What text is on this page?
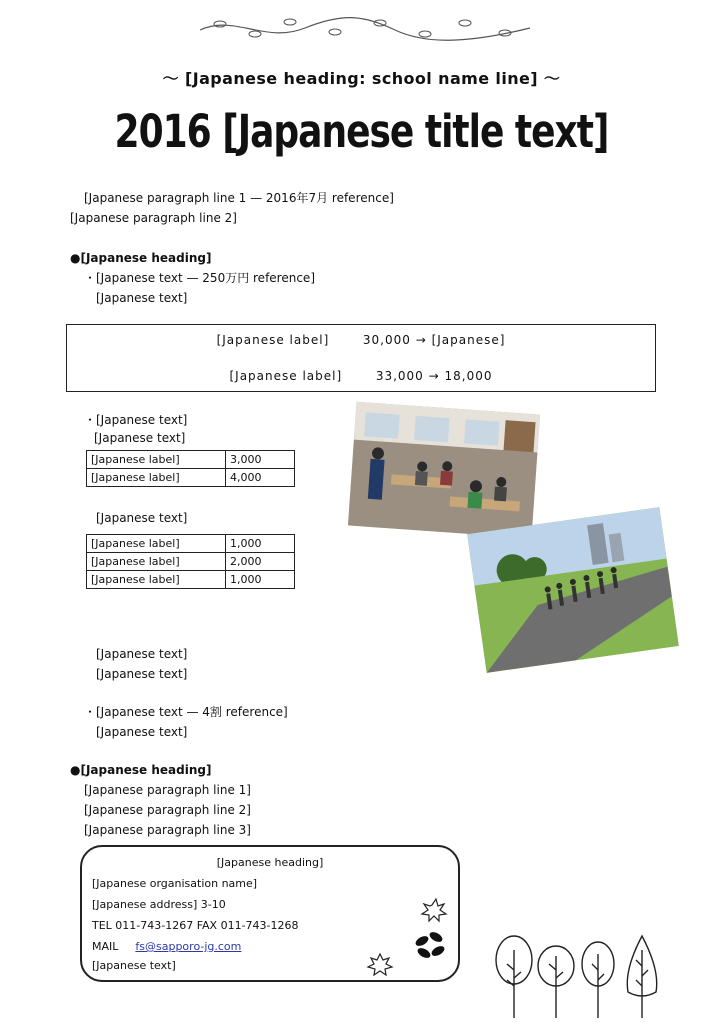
〜 [Japanese heading: school name line] 〜
2016 [Japanese title text]
[Japanese paragraph line 1 — 2016年7月 reference]
[Japanese paragraph line 2]
●[Japanese heading]
・[Japanese text — 250万円 reference]
[Japanese text]
[Japanese label]	30,000 → [Japanese]
[Japanese label]	33,000 → 18,000
・[Japanese text]
[Japanese text]
[Japanese label]	3,000
[Japanese label]	4,000
[Japanese text]
[Japanese label]	1,000
[Japanese label]	2,000
[Japanese label]	1,000
[Japanese text]
[Japanese text]
・[Japanese text — 4割 reference]
[Japanese text]
●[Japanese heading]
[Japanese paragraph line 1]
[Japanese paragraph line 2]
[Japanese paragraph line 3]
[Japanese heading]
[Japanese organisation name]
[Japanese address] 3-10
TEL 011-743-1267 FAX 011-743-1268
MAIL fs@sapporo-jg.com
[Japanese text]
